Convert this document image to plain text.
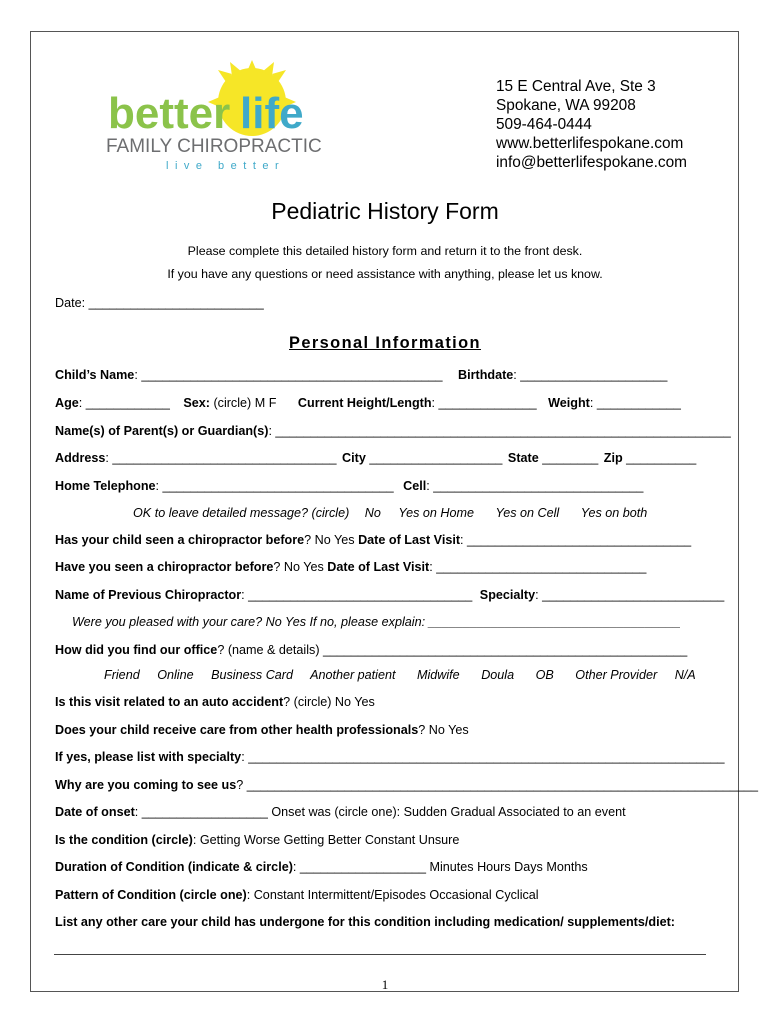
better life
FAMILY CHIROPRACTIC
live better
15 E Central Ave, Ste 3
Spokane, WA 99208
509-464-0444
www.betterlifespokane.com
info@betterlifespokane.com
Pediatric History Form
Please complete this detailed history form and return it to the front desk.
If you have any questions or need assistance with anything, please let us know.
Date: _________________________
Personal Information
Child’s Name: ___________________________________________ Birthdate: _____________________
Age: ____________ Sex: (circle) M F Current Height/Length: ______________ Weight: ____________
Name(s) of Parent(s) or Guardian(s): _________________________________________________________________
Address: ________________________________ City ___________________ State ________ Zip __________
Home Telephone: _________________________________ Cell: ______________________________
OK to leave detailed message? (circle) No Yes on Home Yes on Cell Yes on both
Has your child seen a chiropractor before? No Yes Date of Last Visit: ________________________________
Have you seen a chiropractor before? No Yes Date of Last Visit: ______________________________
Name of Previous Chiropractor: ________________________________ Specialty: __________________________
Were you pleased with your care? No Yes If no, please explain: ____________________________________
How did you find our office? (name & details) ____________________________________________________
Friend Online Business Card Another patient Midwife Doula OB Other Provider N/A
Is this visit related to an auto accident? (circle) No Yes
Does your child receive care from other health professionals? No Yes
If yes, please list with specialty: ____________________________________________________________________
Why are you coming to see us? _________________________________________________________________________
Date of onset: __________________ Onset was (circle one): Sudden Gradual Associated to an event
Is the condition (circle): Getting Worse Getting Better Constant Unsure
Duration of Condition (indicate & circle): __________________ Minutes Hours Days Months
Pattern of Condition (circle one): Constant Intermittent/Episodes Occasional Cyclical
List any other care your child has undergone for this condition including medication/ supplements/diet:
1
